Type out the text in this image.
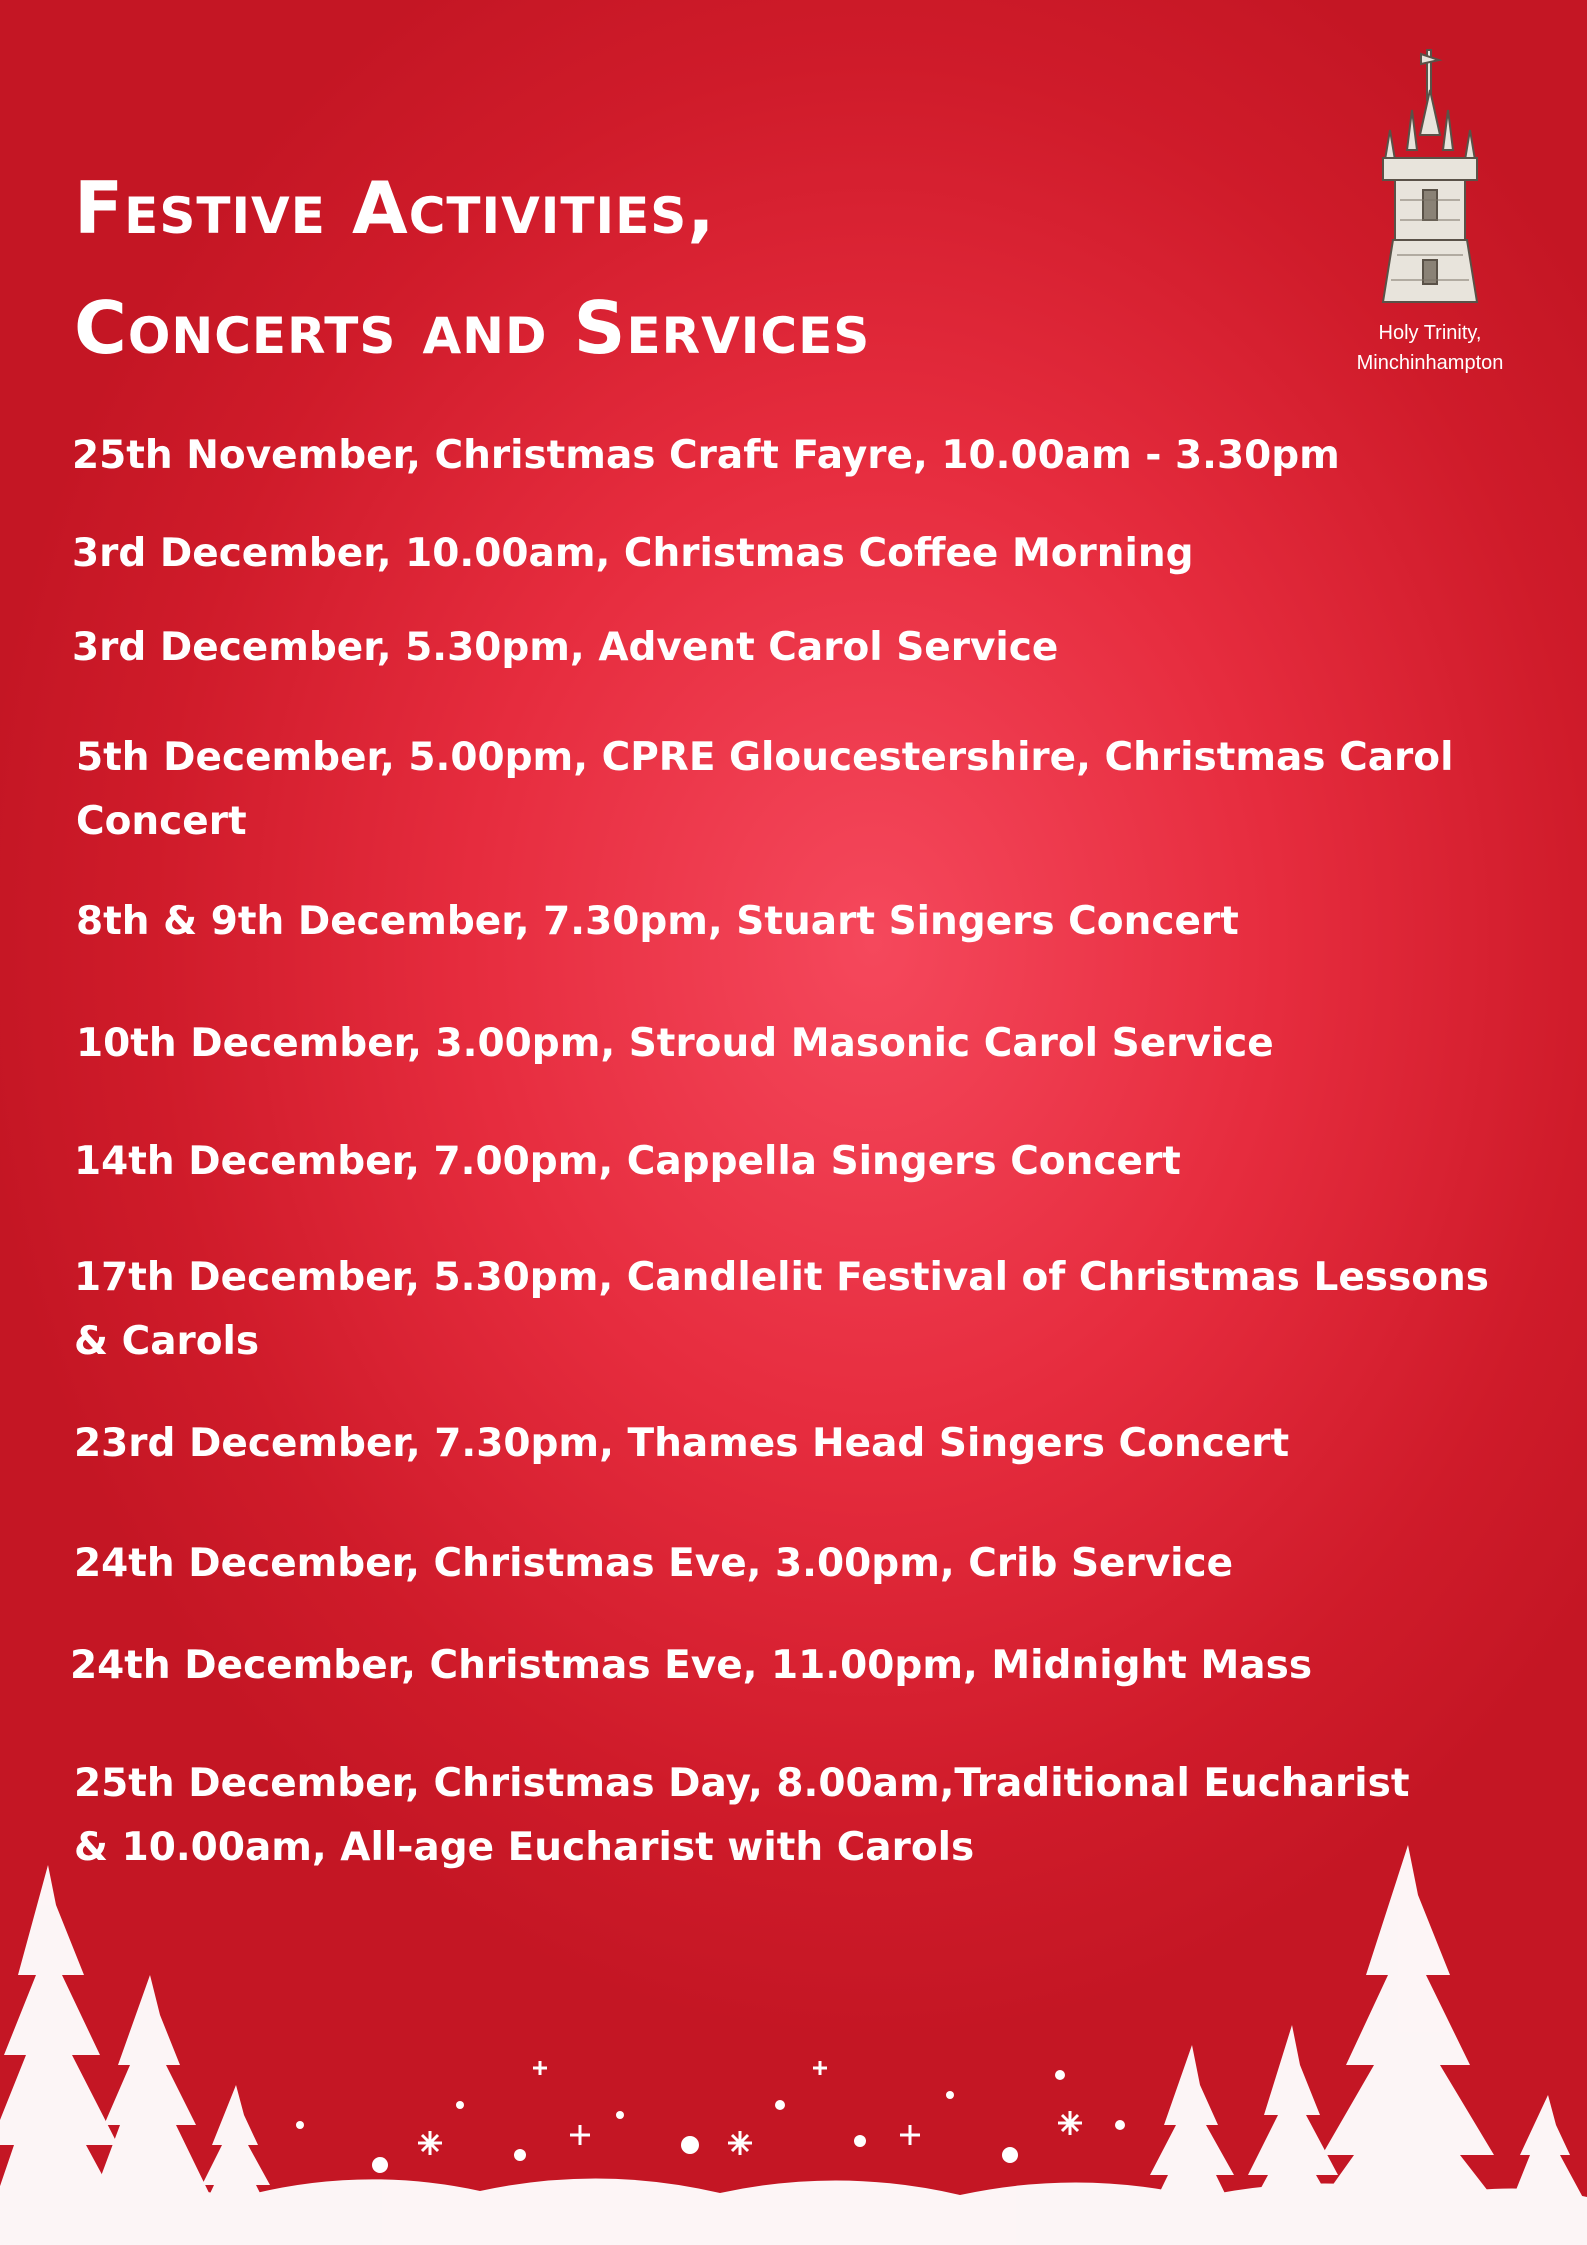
Festive Activities,
Concerts and Services	Holy Trinity,
Minchinhampton

25th November, Christmas Craft Fayre, 10.00am - 3.30pm

3rd December, 10.00am, Christmas Coffee Morning

3rd December, 5.30pm, Advent Carol Service

5th December, 5.00pm, CPRE Gloucestershire, Christmas Carol
Concert

8th & 9th December, 7.30pm, Stuart Singers Concert

10th December, 3.00pm, Stroud Masonic Carol Service

14th December, 7.00pm, Cappella Singers Concert

17th December, 5.30pm, Candlelit Festival of Christmas Lessons
& Carols

23rd December, 7.30pm, Thames Head Singers Concert

24th December, Christmas Eve, 3.00pm, Crib Service

24th December, Christmas Eve, 11.00pm, Midnight Mass

25th December, Christmas Day, 8.00am,Traditional Eucharist
& 10.00am, All-age Eucharist with Carols
